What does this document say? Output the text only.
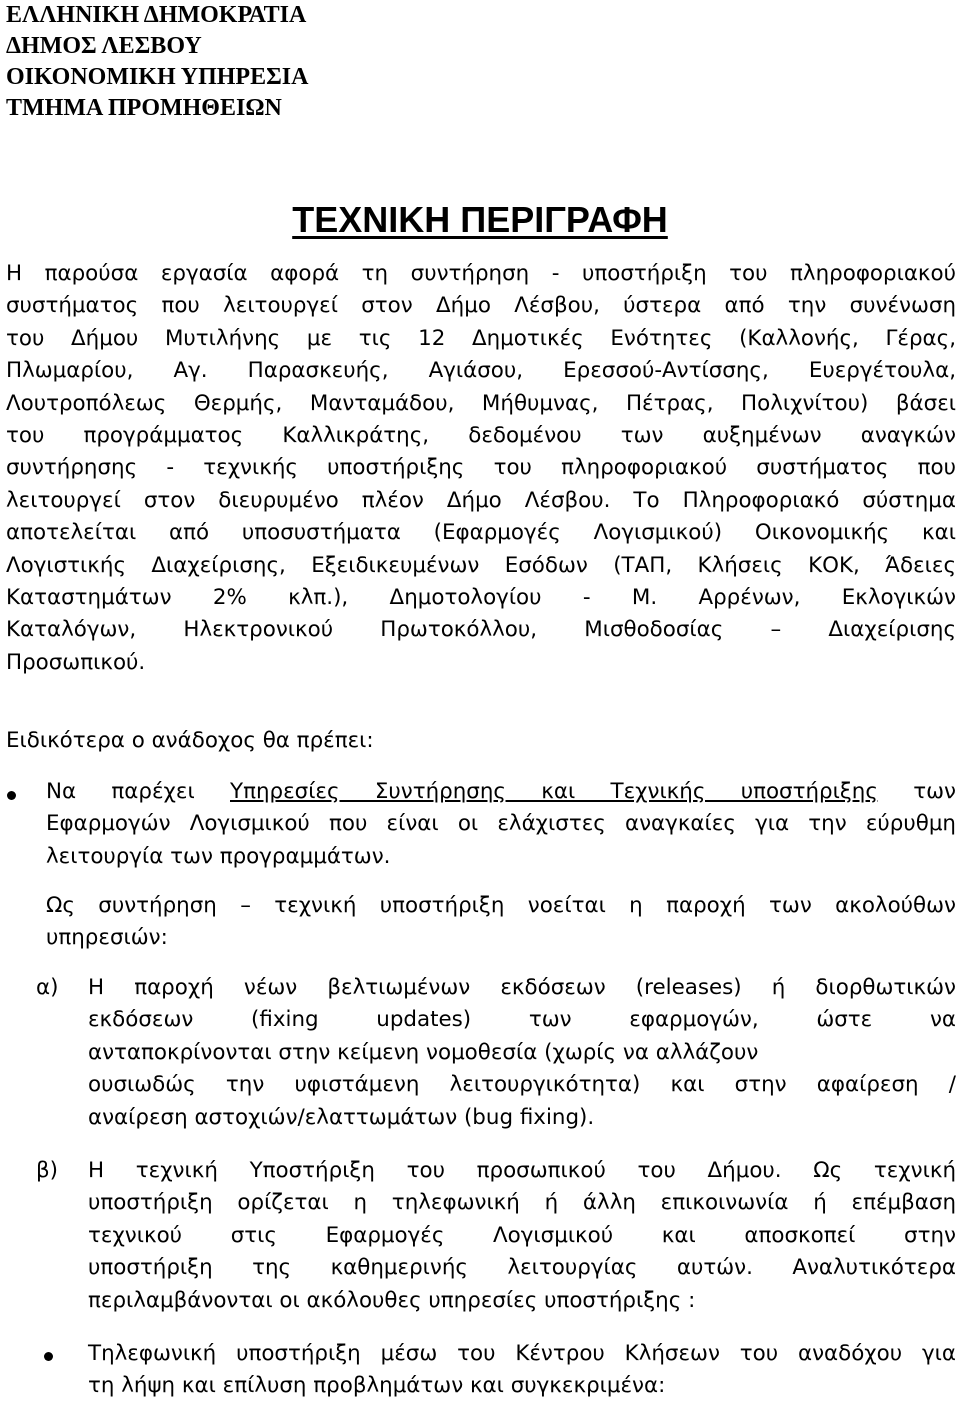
ΕΛΛΗΝΙΚΗ ΔΗΜΟΚΡΑΤΙΑ
ΔΗΜΟΣ ΛΕΣΒΟΥ
ΟΙΚΟΝΟΜΙΚΗ ΥΠΗΡΕΣΙΑ
ΤΜΗΜΑ ΠΡΟΜΗΘΕΙΩΝ
ΤΕΧΝΙΚΗ ΠΕΡΙΓΡΑΦΗ
Η παρούσα εργασία αφορά τη συντήρηση - υποστήριξη του πληροφοριακού
συστήματος που λειτουργεί στον Δήμο Λέσβου, ύστερα από την συνένωση
του Δήμου Μυτιλήνης με τις 12 Δημοτικές Ενότητες (Καλλονής, Γέρας,
Πλωμαρίου, Αγ. Παρασκευής, Αγιάσου, Ερεσσού-Αντίσσης, Ευεργέτουλα,
Λουτροπόλεως Θερμής, Μανταμάδου, Μήθυμνας, Πέτρας, Πολιχνίτου) βάσει
του προγράμματος Καλλικράτης, δεδομένου των αυξημένων αναγκών
συντήρησης - τεχνικής υποστήριξης του πληροφοριακού συστήματος που
λειτουργεί στον διευρυμένο πλέον Δήμο Λέσβου. Το Πληροφοριακό σύστημα
αποτελείται από υποσυστήματα (Εφαρμογές Λογισμικού) Οικονομικής και
Λογιστικής Διαχείρισης, Εξειδικευμένων Εσόδων (ΤΑΠ, Κλήσεις ΚΟΚ, Άδειες
Καταστημάτων 2% κλπ.), Δημοτολογίου - Μ. Αρρένων, Εκλογικών
Καταλόγων, Ηλεκτρονικού Πρωτοκόλλου, Μισθοδοσίας – Διαχείρισης
Προσωπικού.
Ειδικότερα ο ανάδοχος θα πρέπει:
Να παρέχει Υπηρεσίες Συντήρησης και Τεχνικής υποστήριξης των
Εφαρμογών Λογισμικού που είναι οι ελάχιστες αναγκαίες για την εύρυθμη
λειτουργία των προγραμμάτων.
Ως συντήρηση – τεχνική υποστήριξη νοείται η παροχή των ακολούθων
υπηρεσιών:
α) Η παροχή νέων βελτιωμένων εκδόσεων (releases) ή διορθωτικών
εκδόσεων (fixing updates) των εφαρμογών, ώστε να
ανταποκρίνονται στην κείμενη νομοθεσία (χωρίς να αλλάζουν
ουσιωδώς την υφιστάμενη λειτουργικότητα) και στην αφαίρεση /
αναίρεση αστοχιών/ελαττωμάτων (bug fixing).
β) Η τεχνική Υποστήριξη του προσωπικού του Δήμου. Ως τεχνική
υποστήριξη ορίζεται η τηλεφωνική ή άλλη επικοινωνία ή επέμβαση
τεχνικού στις Εφαρμογές Λογισμικού και αποσκοπεί στην
υποστήριξη της καθημερινής λειτουργίας αυτών. Αναλυτικότερα
περιλαμβάνονται οι ακόλουθες υπηρεσίες υποστήριξης :
Τηλεφωνική υποστήριξη μέσω του Κέντρου Κλήσεων του αναδόχου για
τη λήψη και επίλυση προβλημάτων και συγκεκριμένα:
